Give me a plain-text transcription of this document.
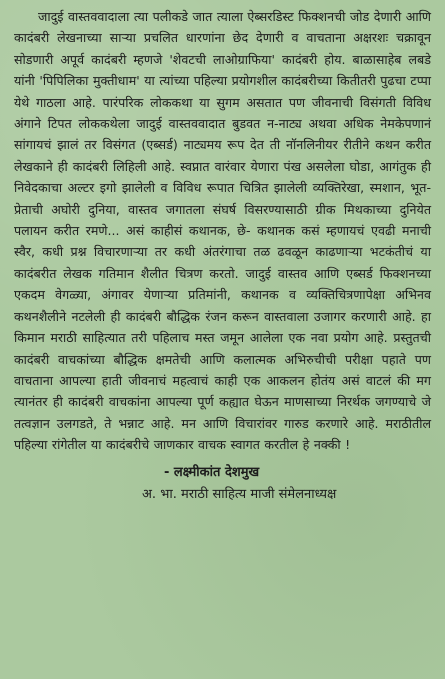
जादुई वास्तववादाला त्या पलीकडे जात त्याला ऐब्सरडिस्ट फिक्शनची जोड देणारी आणि कादंबरी लेखनाच्या साऱ्या प्रचलित धारणांना छेद देणारी व वाचताना अक्षरशः चक्रावून सोडणारी अपूर्व कादंबरी म्हणजे 'शेवटची लाओग्राफिया' कादंबरी होय. बाळासाहेब लबडे यांनी 'पिपिलिका मुक्तीधाम' या त्यांच्या पहिल्या प्रयोगशील कादंबरीच्या कितीतरी पुढचा टप्पा येथे गाठला आहे. पारंपरिक लोककथा या सुगम असतात पण जीवनाची विसंगती विविध अंगाने टिपत लोककथेला जादुई वास्तववादात बुडवत न-नाट्य अथवा अधिक नेमकेपणानं सांगायचं झालं तर विसंगत (एब्सर्ड) नाट्यमय रूप देत ती नॉनलिनीयर रीतीने कथन करीत लेखकाने ही कादंबरी लिहिली आहे. स्वप्नात वारंवार येणारा पंख असलेला घोडा, आगंतुक ही निवेदकाचा अल्टर इगो झालेली व विविध रूपात चित्रित झालेली व्यक्तिरेखा, स्मशान, भूत-प्रेताची अघोरी दुनिया, वास्तव जगातला संघर्ष विसरण्यासाठी ग्रीक मिथकाच्या दुनियेत पलायन करीत रमणे... असं काहीसं कथानक, छे- कथानक कसं म्हणायचं एवढी मनाची स्वैर, कधी प्रश्न विचारणाऱ्या तर कधी अंतरंगाचा तळ ढवळून काढणाऱ्या भटकंतीचं या कादंबरीत लेखक गतिमान शैलीत चित्रण करतो. जादुई वास्तव आणि एब्सर्ड फिक्शनच्या एकदम वेगळ्या, अंगावर येणाऱ्या प्रतिमांनी, कथानक व व्यक्तिचित्रणापेक्षा अभिनव कथनशैलीने नटलेली ही कादंबरी बौद्धिक रंजन करून वास्तवाला उजागर करणारी आहे. हा किमान मराठी साहित्यात तरी पहिलाच मस्त जमून आलेला एक नवा प्रयोग आहे. प्रस्तुतची कादंबरी वाचकांच्या बौद्धिक क्षमतेची आणि कलात्मक अभिरुचीची परीक्षा पहाते पण वाचताना आपल्या हाती जीवनाचं महत्वाचं काही एक आकलन होतंय असं वाटलं की मग त्यानंतर ही कादंबरी वाचकांना आपल्या पूर्ण कह्यात घेऊन माणसाच्या निरर्थक जगण्याचे जे तत्वज्ञान उलगडते, ते भन्नाट आहे. मन आणि विचारांवर गारुड करणारे आहे. मराठीतील पहिल्या रांगेतील या कादंबरीचे जाणकार वाचक स्वागत करतील हे नक्की !

- लक्ष्मीकांत देशमुख
अ. भा. मराठी साहित्य माजी संमेलनाध्यक्ष
